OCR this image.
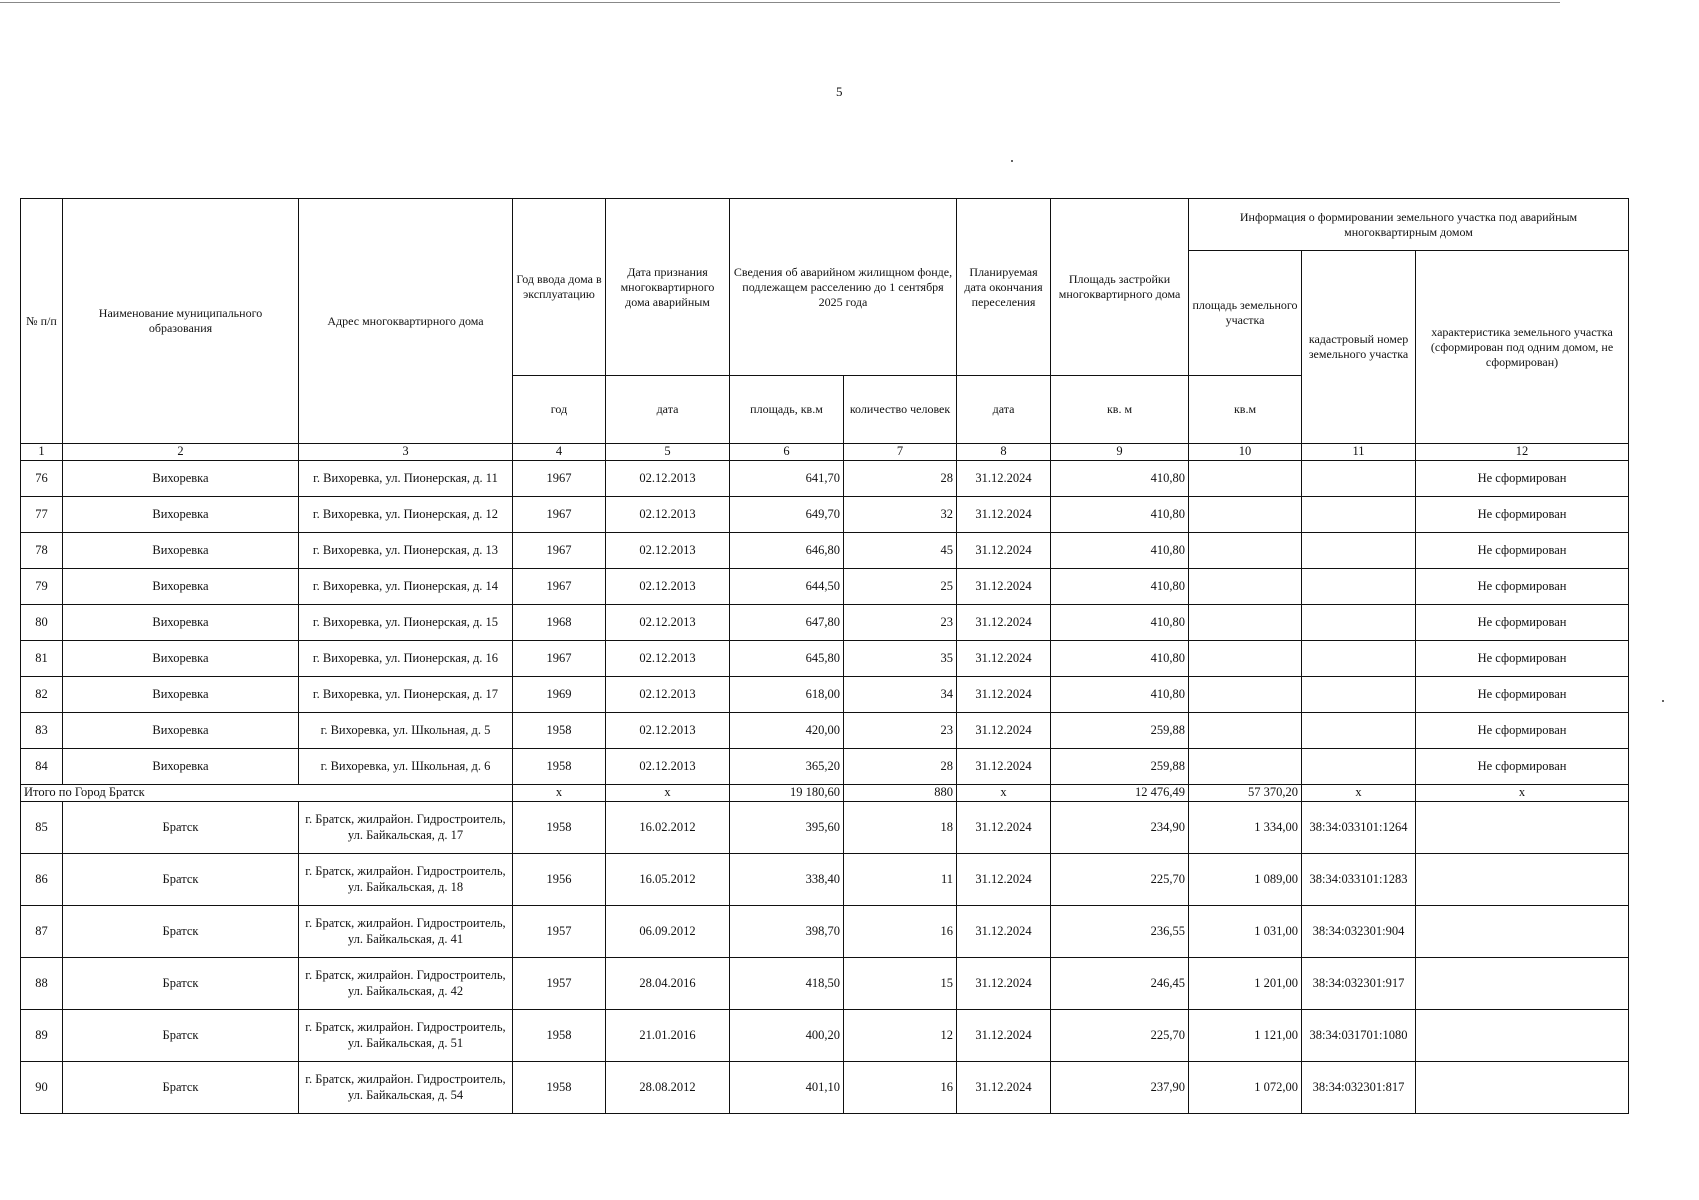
5
№ п/п	Наименование муниципального образования	Адрес многоквартирного дома	Год ввода дома в эксплуатацию	Дата признания многоквартирного дома аварийным	Сведения об аварийном жилищном фонде, подлежащем расселению до 1 сентября 2025 года		Планируемая дата окончания переселения	Площадь застройки многоквартирного дома	Информация о формировании земельного участка под аварийным многоквартирным домом		
									площадь земельного участка	кадастровый номер земельного участка	характеристика земельного участка (сформирован под одним домом, не сформирован)
			год	дата	площадь, кв.м	количество человек	дата	кв. м	кв.м		
1	2	3	4	5	6	7	8	9	10	11	12
76	Вихоревка	г. Вихоревка, ул. Пионерская, д. 11	1967	02.12.2013	641,70	28	31.12.2024	410,80			Не сформирован
77	Вихоревка	г. Вихоревка, ул. Пионерская, д. 12	1967	02.12.2013	649,70	32	31.12.2024	410,80			Не сформирован
78	Вихоревка	г. Вихоревка, ул. Пионерская, д. 13	1967	02.12.2013	646,80	45	31.12.2024	410,80			Не сформирован
79	Вихоревка	г. Вихоревка, ул. Пионерская, д. 14	1967	02.12.2013	644,50	25	31.12.2024	410,80			Не сформирован
80	Вихоревка	г. Вихоревка, ул. Пионерская, д. 15	1968	02.12.2013	647,80	23	31.12.2024	410,80			Не сформирован
81	Вихоревка	г. Вихоревка, ул. Пионерская, д. 16	1967	02.12.2013	645,80	35	31.12.2024	410,80			Не сформирован
82	Вихоревка	г. Вихоревка, ул. Пионерская, д. 17	1969	02.12.2013	618,00	34	31.12.2024	410,80			Не сформирован
83	Вихоревка	г. Вихоревка, ул. Школьная, д. 5	1958	02.12.2013	420,00	23	31.12.2024	259,88			Не сформирован
84	Вихоревка	г. Вихоревка, ул. Школьная, д. 6	1958	02.12.2013	365,20	28	31.12.2024	259,88			Не сформирован
Итого по Город Братск			x	x	19 180,60	880	x	12 476,49	57 370,20	x	x
85	Братск	г. Братск, жилрайон. Гидростроитель, ул. Байкальская, д. 17	1958	16.02.2012	395,60	18	31.12.2024	234,90	1 334,00	38:34:033101:1264	
86	Братск	г. Братск, жилрайон. Гидростроитель, ул. Байкальская, д. 18	1956	16.05.2012	338,40	11	31.12.2024	225,70	1 089,00	38:34:033101:1283	
87	Братск	г. Братск, жилрайон. Гидростроитель, ул. Байкальская, д. 41	1957	06.09.2012	398,70	16	31.12.2024	236,55	1 031,00	38:34:032301:904	
88	Братск	г. Братск, жилрайон. Гидростроитель, ул. Байкальская, д. 42	1957	28.04.2016	418,50	15	31.12.2024	246,45	1 201,00	38:34:032301:917	
89	Братск	г. Братск, жилрайон. Гидростроитель, ул. Байкальская, д. 51	1958	21.01.2016	400,20	12	31.12.2024	225,70	1 121,00	38:34:031701:1080	
90	Братск	г. Братск, жилрайон. Гидростроитель, ул. Байкальская, д. 54	1958	28.08.2012	401,10	16	31.12.2024	237,90	1 072,00	38:34:032301:817	
